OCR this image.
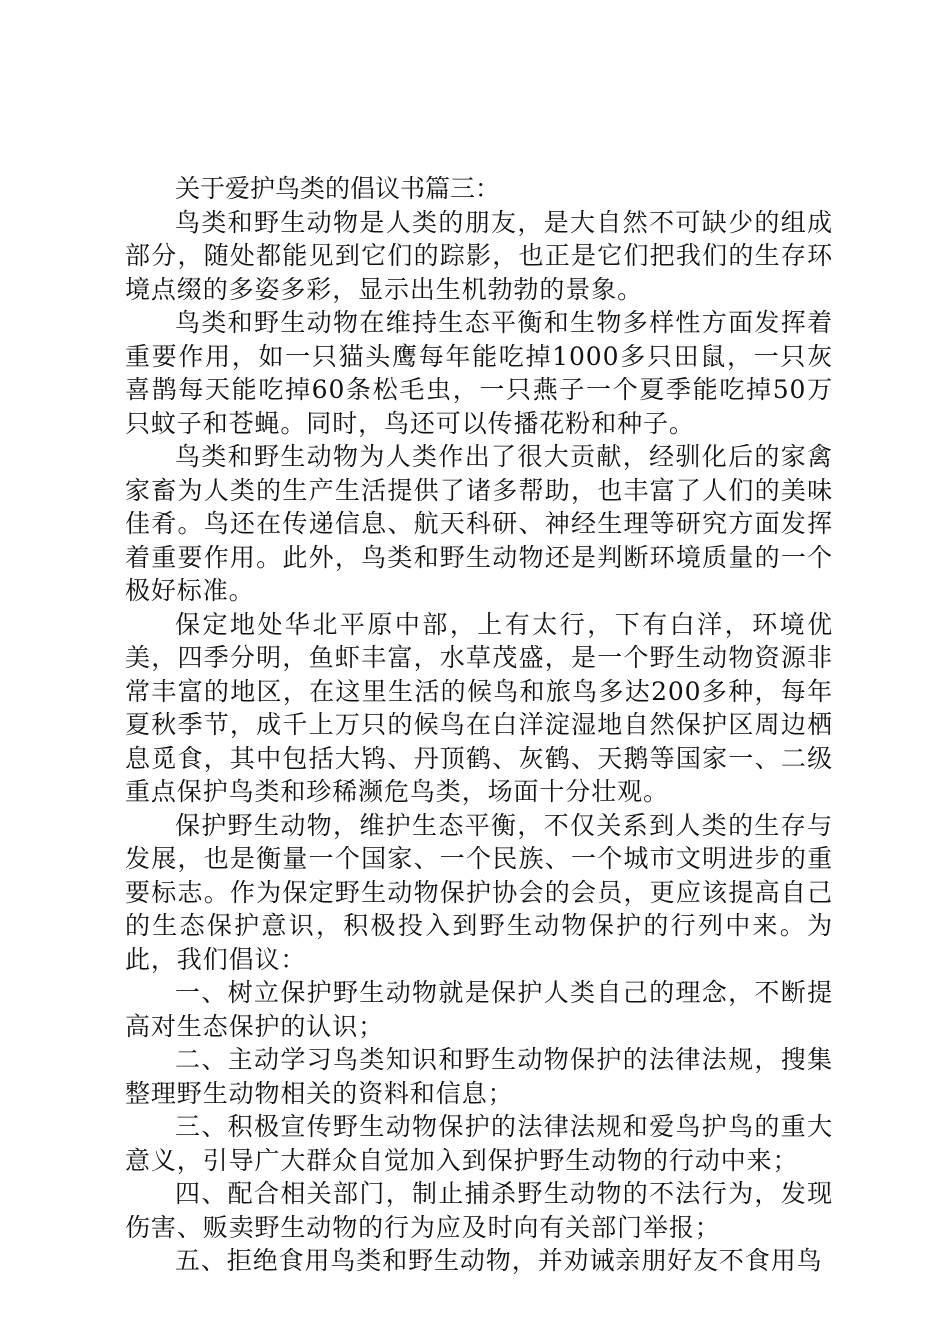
关于爱护鸟类的倡议书篇三：

鸟类和野生动物是人类的朋友，是大自然不可缺少的组成部分，随处都能见到它们的踪影，也正是它们把我们的生存环境点缀的多姿多彩，显示出生机勃勃的景象。

鸟类和野生动物在维持生态平衡和生物多样性方面发挥着重要作用，如一只猫头鹰每年能吃掉1000多只田鼠，一只灰喜鹊每天能吃掉60条松毛虫，一只燕子一个夏季能吃掉50万只蚊子和苍蝇。同时，鸟还可以传播花粉和种子。

鸟类和野生动物为人类作出了很大贡献，经驯化后的家禽家畜为人类的生产生活提供了诸多帮助，也丰富了人们的美味佳肴。鸟还在传递信息、航天科研、神经生理等研究方面发挥着重要作用。此外，鸟类和野生动物还是判断环境质量的一个极好标准。

保定地处华北平原中部，上有太行，下有白洋，环境优美，四季分明，鱼虾丰富，水草茂盛，是一个野生动物资源非常丰富的地区，在这里生活的候鸟和旅鸟多达200多种，每年夏秋季节，成千上万只的候鸟在白洋淀湿地自然保护区周边栖息觅食，其中包括大鸨、丹顶鹤、灰鹤、天鹅等国家一、二级重点保护鸟类和珍稀濒危鸟类，场面十分壮观。

保护野生动物，维护生态平衡，不仅关系到人类的生存与发展，也是衡量一个国家、一个民族、一个城市文明进步的重要标志。作为保定野生动物保护协会的会员，更应该提高自己的生态保护意识，积极投入到野生动物保护的行列中来。为此，我们倡议：

一、树立保护野生动物就是保护人类自己的理念，不断提高对生态保护的认识；

二、主动学习鸟类知识和野生动物保护的法律法规，搜集整理野生动物相关的资料和信息；

三、积极宣传野生动物保护的法律法规和爱鸟护鸟的重大意义，引导广大群众自觉加入到保护野生动物的行动中来；

四、配合相关部门，制止捕杀野生动物的不法行为，发现伤害、贩卖野生动物的行为应及时向有关部门举报；

五、拒绝食用鸟类和野生动物，并劝诫亲朋好友不食用鸟
